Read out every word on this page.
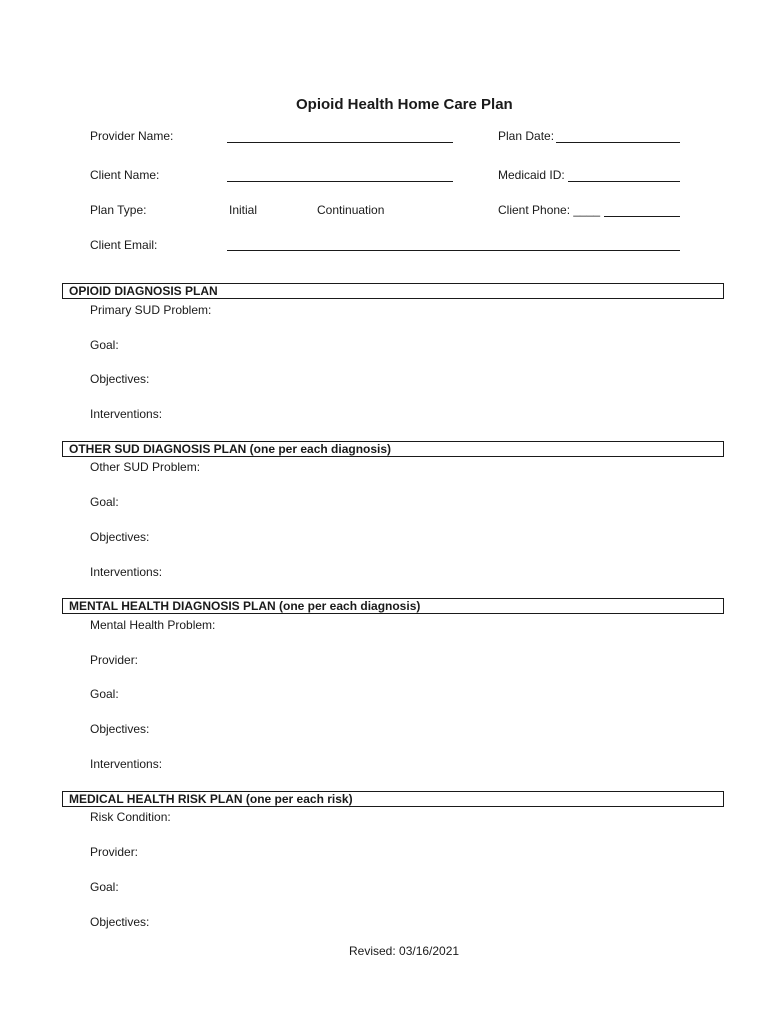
Opioid Health Home Care Plan
Provider Name:	Plan Date:
Client Name:	Medicaid ID:
Plan Type:	Initial	Continuation	Client Phone: ____
Client Email:
OPIOID DIAGNOSIS PLAN
Primary SUD Problem:
Goal:
Objectives:
Interventions:
OTHER SUD DIAGNOSIS PLAN (one per each diagnosis)
Other SUD Problem:
Goal:
Objectives:
Interventions:
MENTAL HEALTH DIAGNOSIS PLAN (one per each diagnosis)
Mental Health Problem:
Provider:
Goal:
Objectives:
Interventions:
MEDICAL HEALTH RISK PLAN (one per each risk)
Risk Condition:
Provider:
Goal:
Objectives:
Revised: 03/16/2021
